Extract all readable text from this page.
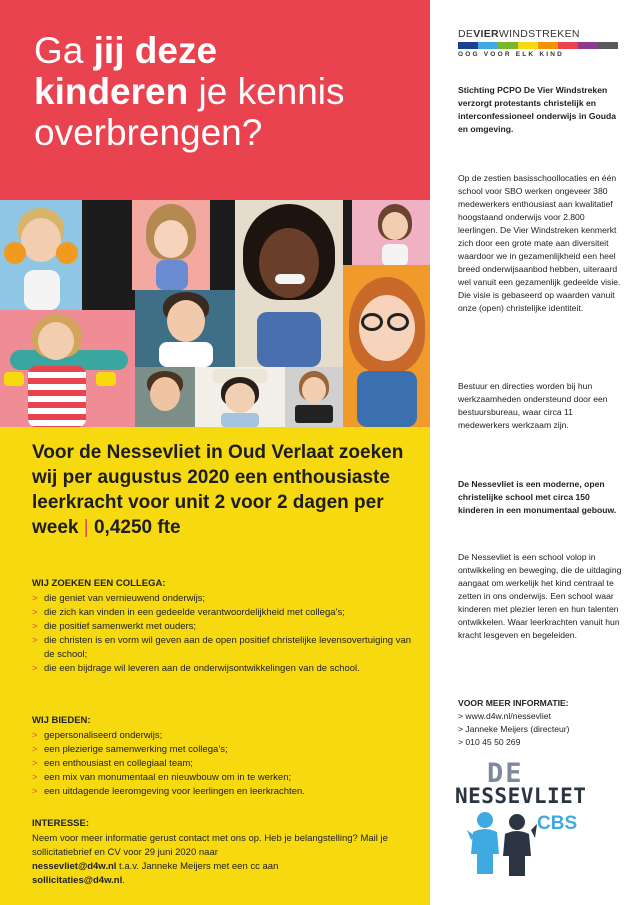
Ga jij deze
kinderen je kennis
overbrengen?
Voor de Nessevliet in Oud Verlaat zoeken wij per augustus 2020 een enthousiaste leerkracht voor unit 2 voor 2 dagen per week | 0,4250 fte
WIJ ZOEKEN EEN COLLEGA:
> die geniet van vernieuwend onderwijs;
> die zich kan vinden in een gedeelde verantwoordelijkheid met collega’s;
> die positief samenwerkt met ouders;
> die christen is en vorm wil geven aan de open positief christelijke levensovertuiging van de school;
> die een bijdrage wil leveren aan de onderwijsontwikkelingen van de school.
WIJ BIEDEN:
> gepersonaliseerd onderwijs;
> een plezierige samenwerking met collega’s;
> een enthousiast en collegiaal team;
> een mix van monumentaal en nieuwbouw om in te werken;
> een uitdagende leeromgeving voor leerlingen en leerkrachten.
INTERESSE:
Neem voor meer informatie gerust contact met ons op. Heb je belangstelling? Mail je sollicitatiebrief en CV voor 29 juni 2020 naar
nessevliet@d4w.nl t.a.v. Janneke Meijers met een cc aan
sollicitaties@d4w.nl.
DEVIERWINDSTREKEN
OOG VOOR ELK KIND
Stichting PCPO De Vier Windstreken verzorgt protestants christelijk en interconfessioneel onderwijs in Gouda en omgeving.
Op de zestien basisschoollocaties en één school voor SBO werken ongeveer 380 medewerkers enthousiast aan kwalitatief hoogstaand onderwijs voor 2.800 leerlingen. De Vier Windstreken kenmerkt zich door een grote mate aan diversiteit waardoor we in gezamenlijkheid een heel breed onderwijsaanbod hebben, uiteraard wel vanuit een gezamenlijk gedeelde visie. Die visie is gebaseerd op waarden vanuit onze (open) christelijke identiteit.
Bestuur en directies worden bij hun werkzaamheden ondersteund door een bestuursbureau, waar circa 11 medewerkers werkzaam zijn.
De Nessevliet is een moderne, open christelijke school met circa 150 kinderen in een monumentaal gebouw.
De Nessevliet is een school volop in ontwikkeling en beweging, die de uitdaging aangaat om werkelijk het kind centraal te zetten in ons onderwijs. Een school waar kinderen met plezier leren en hun talenten ontwikkelen. Waar leerkrachten vanuit hun kracht lesgeven en begeleiden.
VOOR MEER INFORMATIE:
> www.d4w.nl/nessevliet
> Janneke Meijers (directeur)
> 010 45 50 269
DE
NESSEVLIET
CBS
